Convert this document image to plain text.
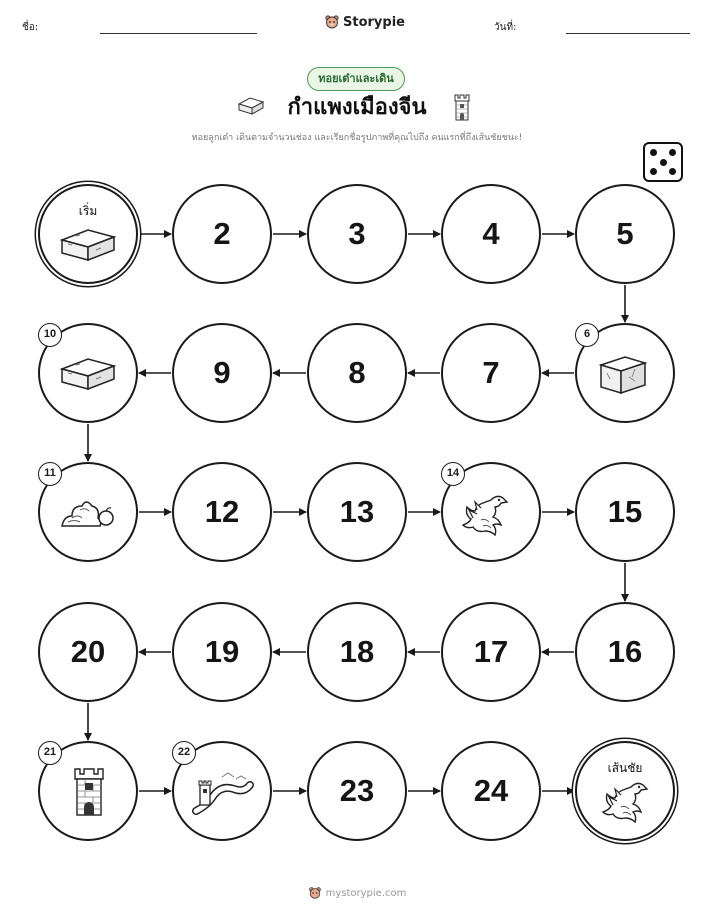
ชื่อ:	Storypie	วันที่:
ทอยเต๋าและเดิน
กำแพงเมืองจีน
ทอยลูกเต๋า เดินตามจำนวนช่อง และเรียกชื่อรูปภาพที่คุณไปถึง คนแรกที่ถึงเส้นชัยชนะ!
เริ่ม
2	3	4	5
6
7
8
9
10
11
12	13
14
15
16
17
18
19
20
21	22
23	24
เส้นชัย
mystorypie.com
